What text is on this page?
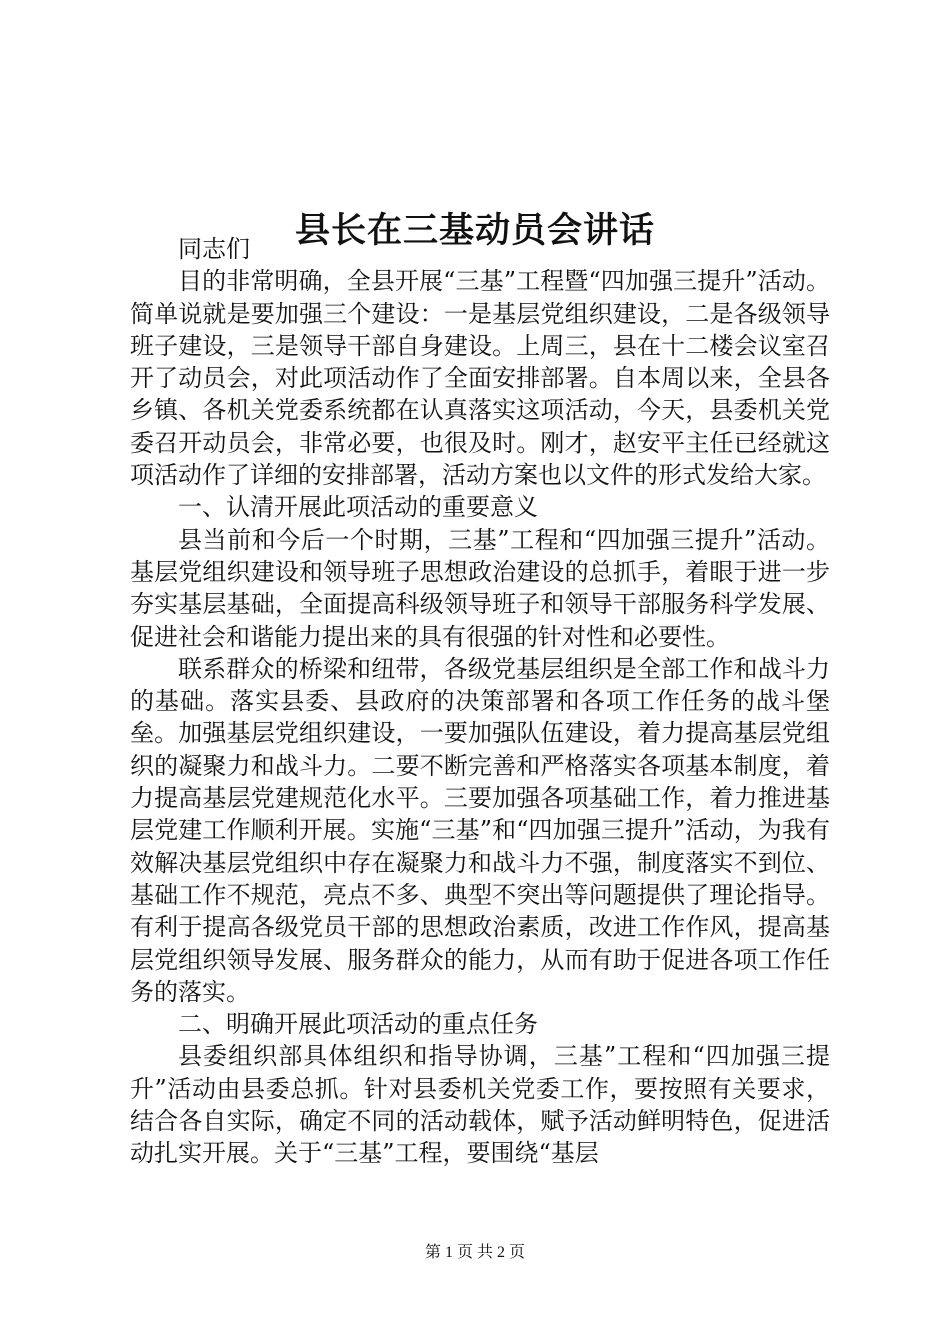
县长在三基动员会讲话

同志们

目的非常明确，全县开展“三基”工程暨“四加强三提升”活动。简单说就是要加强三个建设：一是基层党组织建设，二是各级领导班子建设，三是领导干部自身建设。上周三，县在十二楼会议室召开了动员会，对此项活动作了全面安排部署。自本周以来，全县各乡镇、各机关党委系统都在认真落实这项活动，今天，县委机关党委召开动员会，非常必要，也很及时。刚才，赵安平主任已经就这项活动作了详细的安排部署，活动方案也以文件的形式发给大家。

一、认清开展此项活动的重要意义

县当前和今后一个时期，三基”工程和“四加强三提升”活动。基层党组织建设和领导班子思想政治建设的总抓手，着眼于进一步夯实基层基础，全面提高科级领导班子和领导干部服务科学发展、促进社会和谐能力提出来的具有很强的针对性和必要性。

联系群众的桥梁和纽带，各级党基层组织是全部工作和战斗力的基础。落实县委、县政府的决策部署和各项工作任务的战斗堡垒。加强基层党组织建设，一要加强队伍建设，着力提高基层党组织的凝聚力和战斗力。二要不断完善和严格落实各项基本制度，着力提高基层党建规范化水平。三要加强各项基础工作，着力推进基层党建工作顺利开展。实施“三基”和“四加强三提升”活动，为我有效解决基层党组织中存在凝聚力和战斗力不强，制度落实不到位、基础工作不规范，亮点不多、典型不突出等问题提供了理论指导。有利于提高各级党员干部的思想政治素质，改进工作作风，提高基层党组织领导发展、服务群众的能力，从而有助于促进各项工作任务的落实。

二、明确开展此项活动的重点任务

县委组织部具体组织和指导协调，三基”工程和“四加强三提升”活动由县委总抓。针对县委机关党委工作，要按照有关要求，结合各自实际，确定不同的活动载体，赋予活动鲜明特色，促进活动扎实开展。关于“三基”工程，要围绕“基层

第 1 页 共 2 页
